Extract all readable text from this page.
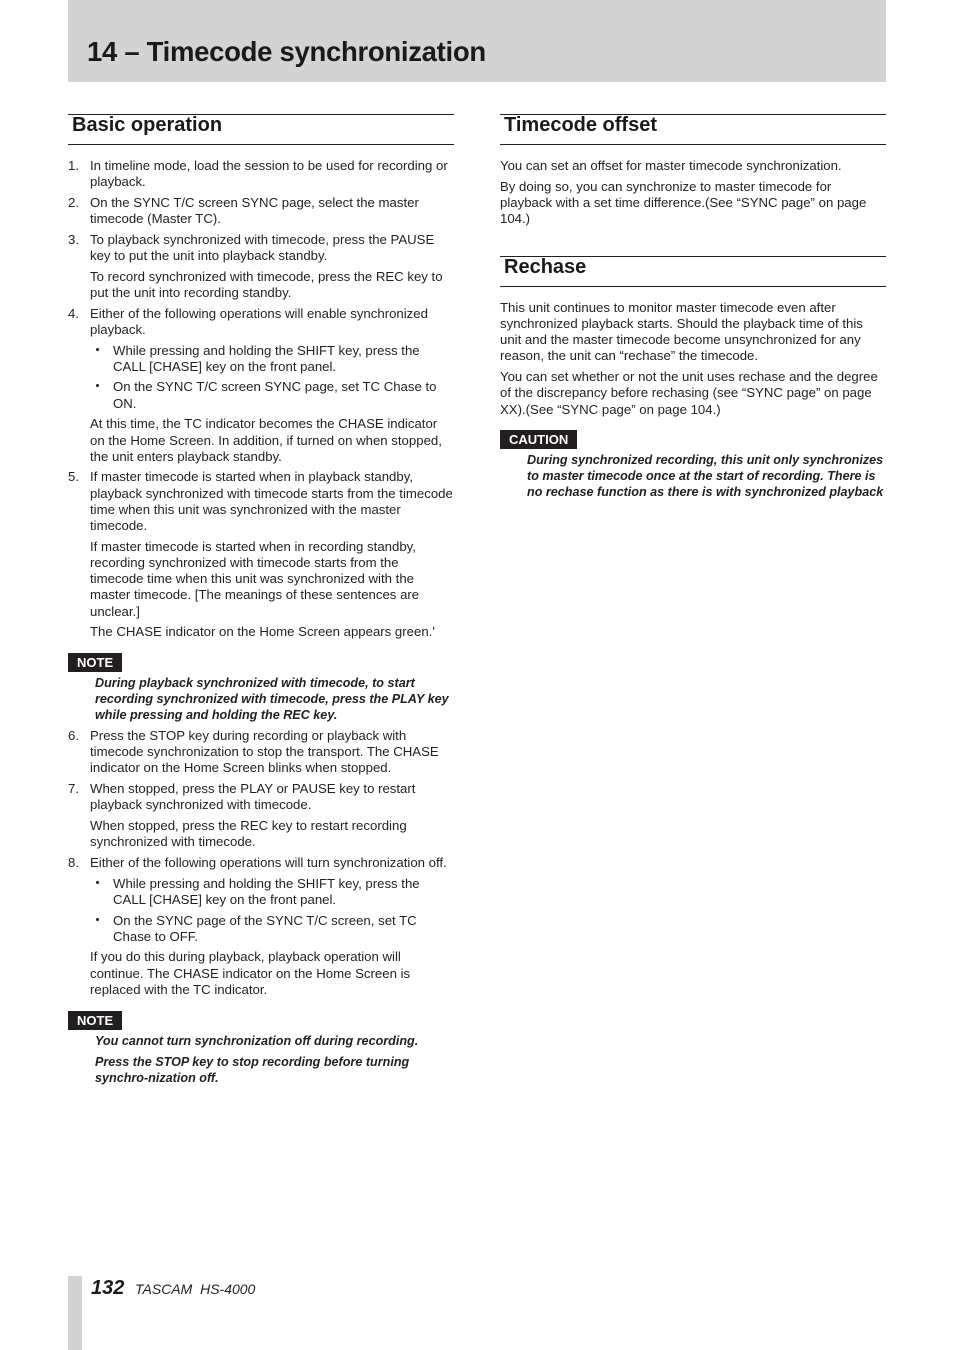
14 – Timecode synchronization
Basic operation
1. In timeline mode, load the session to be used for recording or playback.

2. On the SYNC T/C screen SYNC page, select the master timecode (Master TC).

3. To playback synchronized with timecode, press the PAUSE key to put the unit into playback standby.

To record synchronized with timecode, press the REC key to put the unit into recording standby.

4. Either of the following operations will enable synchronized playback.

While pressing and holding the SHIFT key, press the CALL [CHASE] key on the front panel.
On the SYNC T/C screen SYNC page, set TC Chase to ON.

At this time, the TC indicator becomes the CHASE indicator on the Home Screen. In addition, if turned on when stopped, the unit enters playback standby.

5. If master timecode is started when in playback standby, playback synchronized with timecode starts from the timecode time when this unit was synchronized with the master timecode.

If master timecode is started when in recording standby, recording synchronized with timecode starts from the timecode time when this unit was synchronized with the master timecode. [The meanings of these sentences are unclear.]

The CHASE indicator on the Home Screen appears green.'

NOTE

During playback synchronized with timecode, to start recording synchronized with timecode, press the PLAY key while pressing and holding the REC key.

6. Press the STOP key during recording or playback with timecode synchronization to stop the transport. The CHASE indicator on the Home Screen blinks when stopped.

7. When stopped, press the PLAY or PAUSE key to restart playback synchronized with timecode.

When stopped, press the REC key to restart recording synchronized with timecode.

8. Either of the following operations will turn synchronization off.

While pressing and holding the SHIFT key, press the CALL [CHASE] key on the front panel.
On the SYNC page of the SYNC T/C screen, set TC Chase to OFF.

If you do this during playback, playback operation will continue. The CHASE indicator on the Home Screen is replaced with the TC indicator.

NOTE

You cannot turn synchronization off during recording.

Press the STOP key to stop recording before turning synchro-nization off.

Timecode offset

You can set an offset for master timecode synchronization.

By doing so, you can synchronize to master timecode for playback with a set time difference.(See “SYNC page” on page 104.)

Rechase

This unit continues to monitor master timecode even after synchronized playback starts. Should the playback time of this unit and the master timecode become unsynchronized for any reason, the unit can “rechase” the timecode.

You can set whether or not the unit uses rechase and the degree of the discrepancy before rechasing (see “SYNC page” on page XX).(See “SYNC page” on page 104.)

CAUTION

During synchronized recording, this unit only synchronizes to master timecode once at the start of recording. There is no rechase function as there is with synchronized playback

132 TASCAM  HS-4000
